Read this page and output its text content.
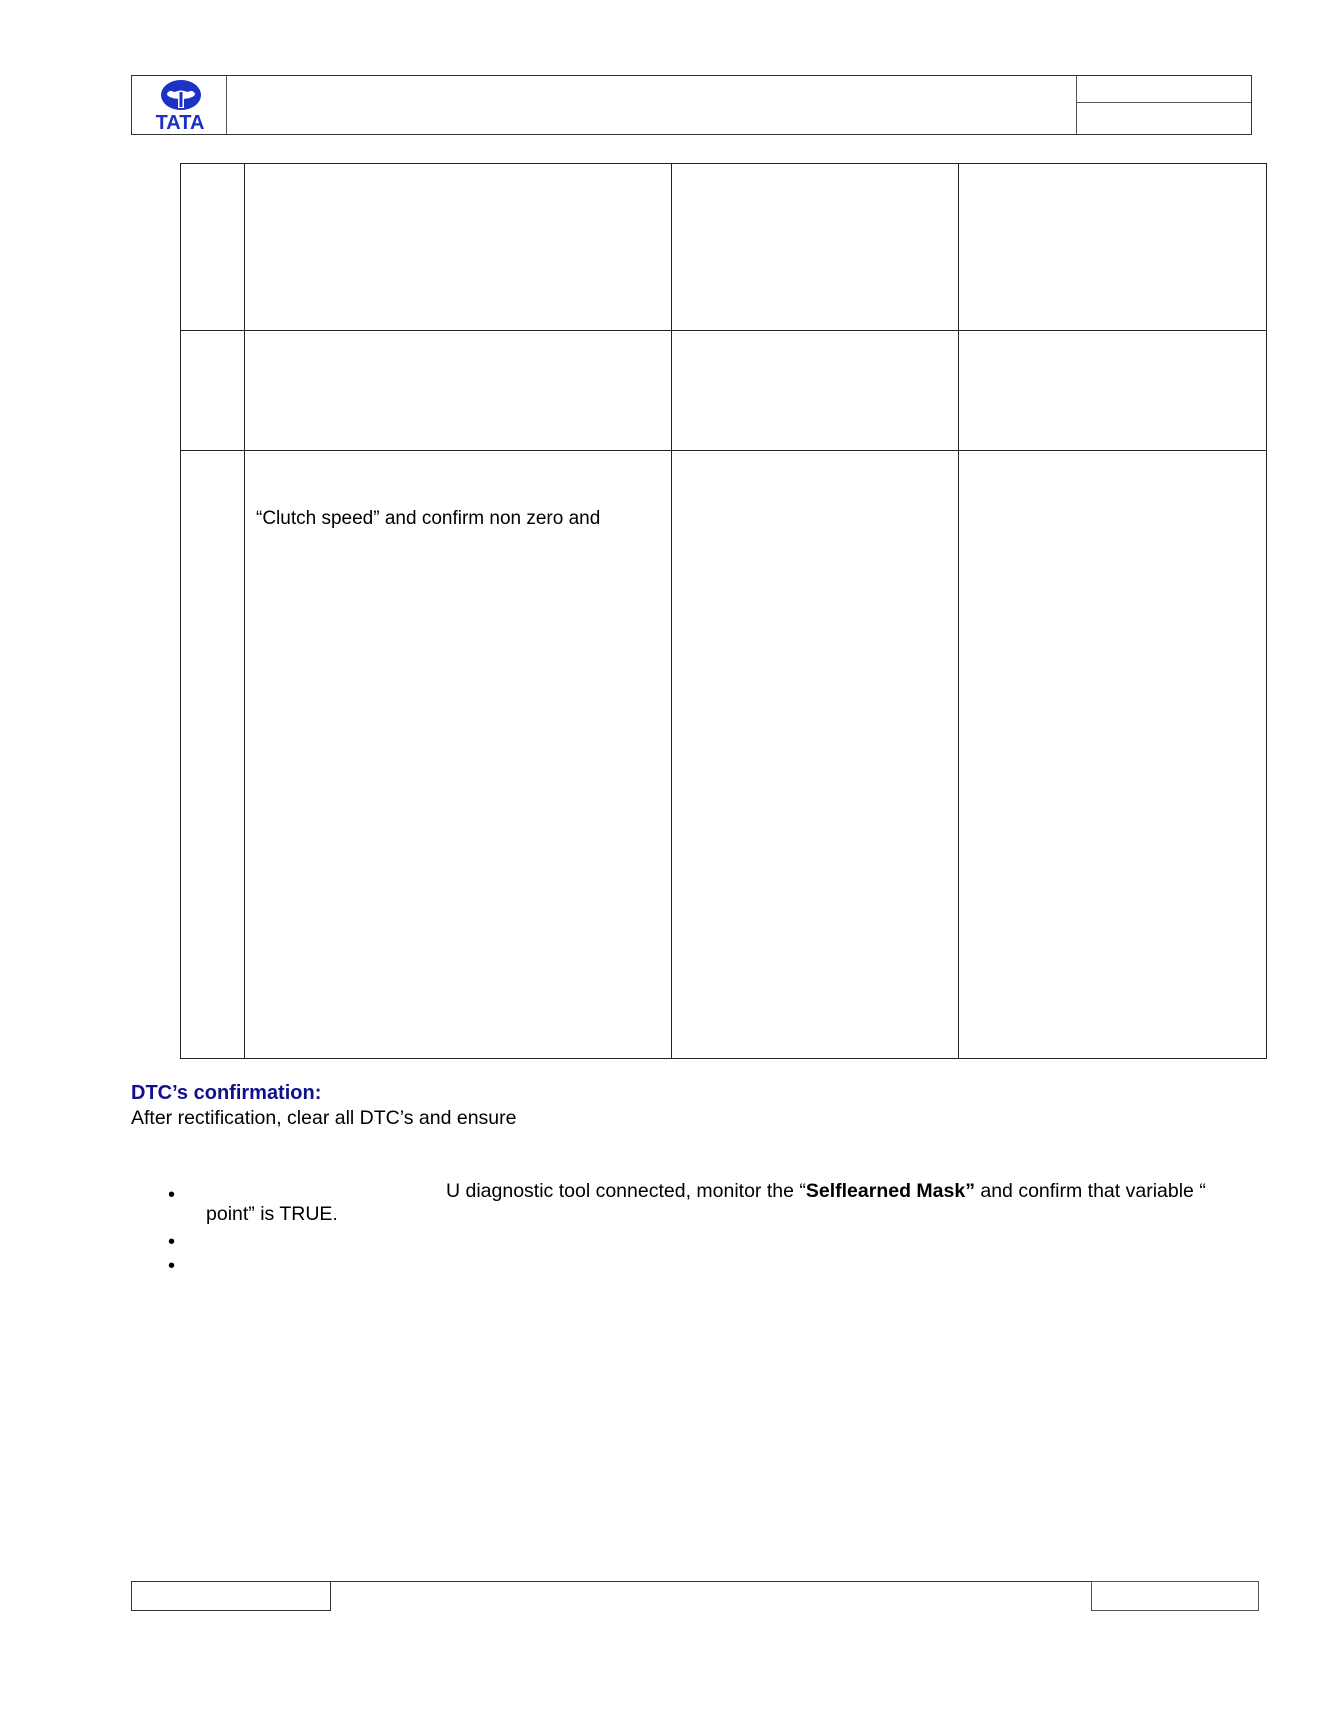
TATA
“Clutch speed” and confirm non zero and
DTC’s confirmation:
After rectification, clear all DTC’s and ensure
•	U diagnostic tool connected, monitor the “Selflearned Mask” and confirm that variable “
point” is TRUE.
•
•
